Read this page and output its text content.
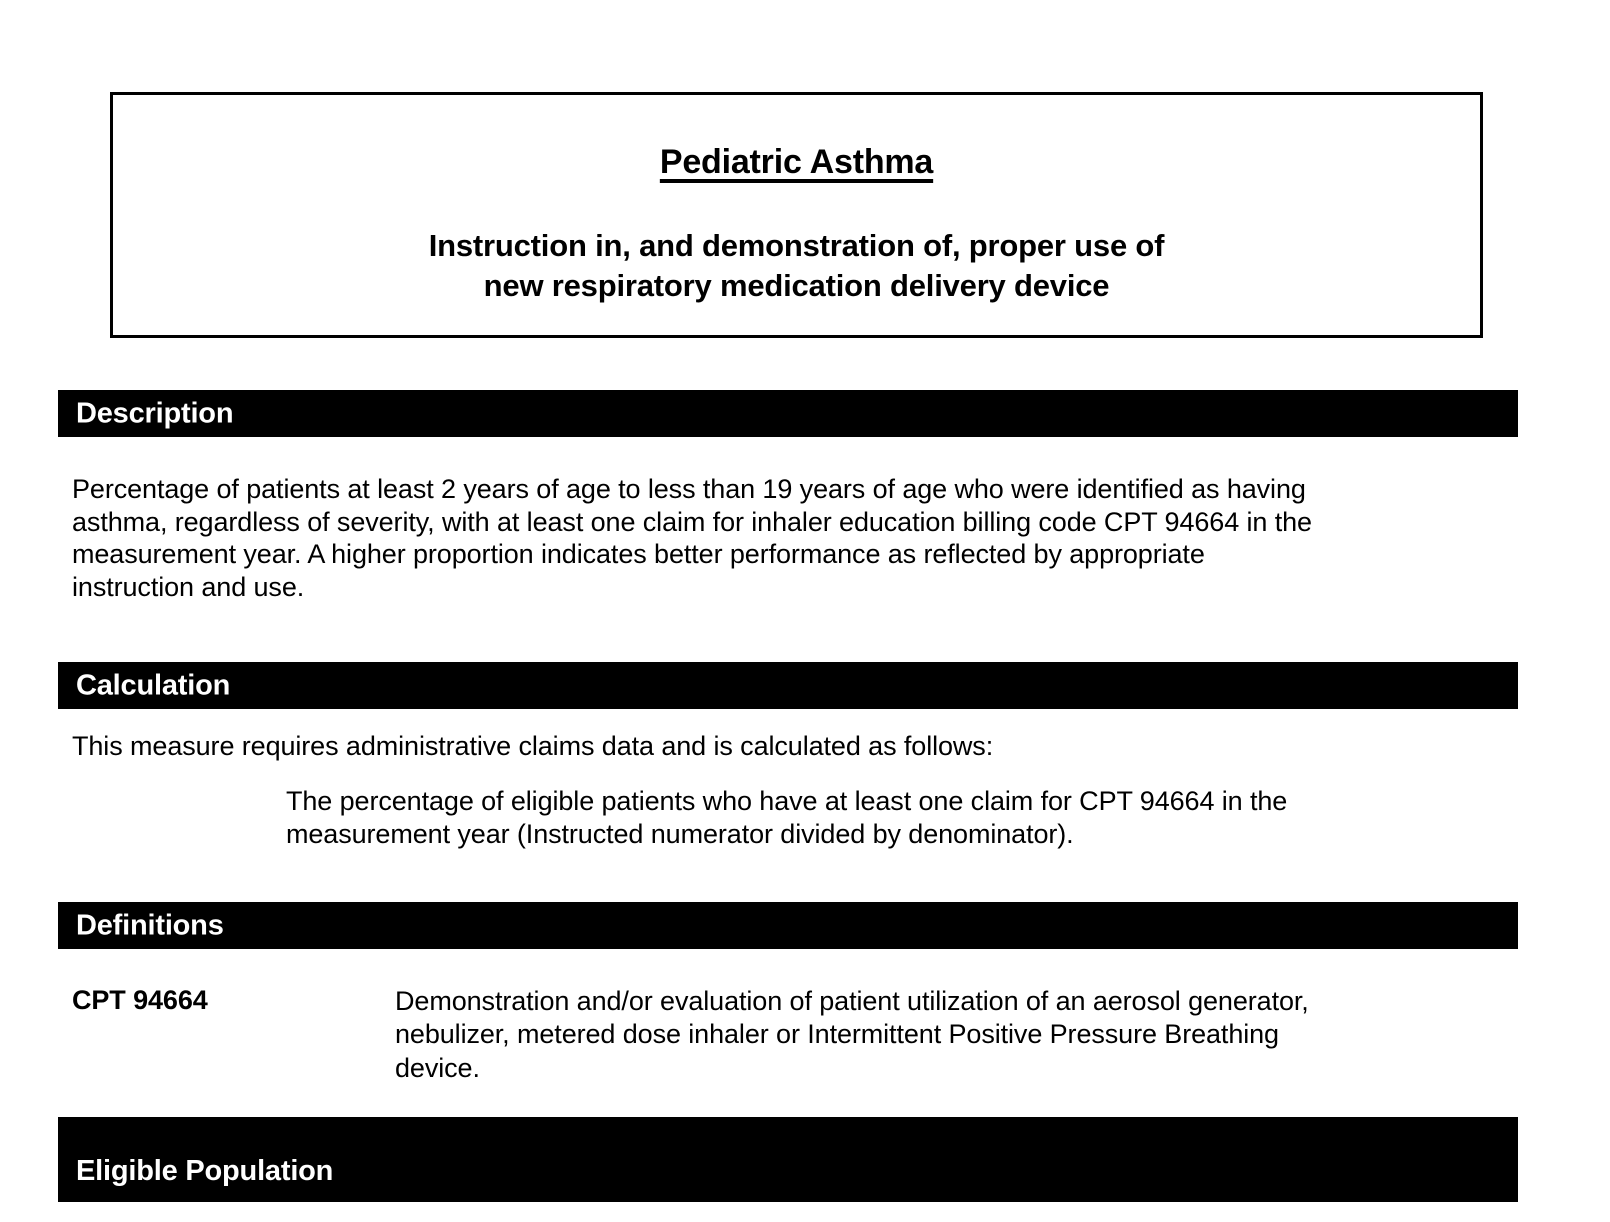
Pediatric Asthma
Instruction in, and demonstration of, proper use of
new respiratory medication delivery device
Description
Percentage of patients at least 2 years of age to less than 19 years of age who were identified as having
asthma, regardless of severity, with at least one claim for inhaler education billing code CPT 94664 in the
measurement year. A higher proportion indicates better performance as reflected by appropriate
instruction and use.
Calculation
This measure requires administrative claims data and is calculated as follows:
The percentage of eligible patients who have at least one claim for CPT 94664 in the
measurement year (Instructed numerator divided by denominator).
Definitions
CPT 94664	Demonstration and/or evaluation of patient utilization of an aerosol generator,
nebulizer, metered dose inhaler or Intermittent Positive Pressure Breathing
device.
Eligible Population
